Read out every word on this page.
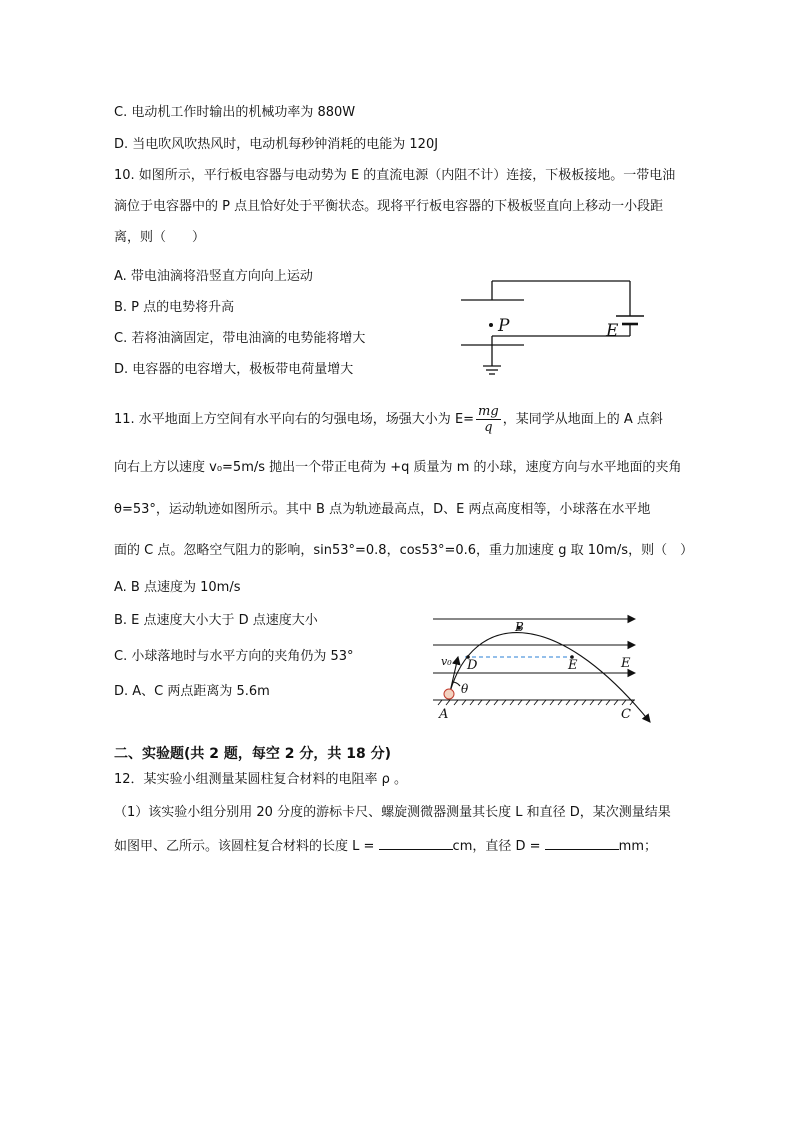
C. 电动机工作时输出的机械功率为 880W
D. 当电吹风吹热风时，电动机每秒钟消耗的电能为 120J
10. 如图所示，平行板电容器与电动势为 E 的直流电源（内阻不计）连接，下极板接地。一带电油
滴位于电容器中的 P 点且恰好处于平衡状态。现将平行板电容器的下极板竖直向上移动一小段距
离，则（　　）
A. 带电油滴将沿竖直方向向上运动
B. P 点的电势将升高
C. 若将油滴固定，带电油滴的电势能将增大
D. 电容器的电容增大，极板带电荷量增大
P	E
11. 水平地面上方空间有水平向右的匀强电场，场强大小为 $E= \frac{mg}{q}$ ，某同学从地面上的 A 点斜
向右上方以速度 v₀=5m/s 抛出一个带正电荷为 +q 质量为 m 的小球，速度方向与水平地面的夹角
θ=53°，运动轨迹如图所示。其中 B 点为轨迹最高点，D、E 两点高度相等，小球落在水平地
面的 C 点。忽略空气阻力的影响，sin53°=0.8，cos53°=0.6，重力加速度 g 取 10m/s，则（　）
A. B 点速度为 10m/s
B. E 点速度大小大于 D 点速度大小
C. 小球落地时与水平方向的夹角仍为 53°
D. A、C 两点距离为 5.6m
B
D	E	E
v₀
θ
A	C
二、实验题(共 2 题，每空 2 分，共 18 分)
12．某实验小组测量某圆柱复合材料的电阻率 ρ 。
（1）该实验小组分别用 20 分度的游标卡尺、螺旋测微器测量其长度 L 和直径 D，某次测量结果
如图甲、乙所示。该圆柱复合材料的长度 L =	cm，直径 D =	mm；
